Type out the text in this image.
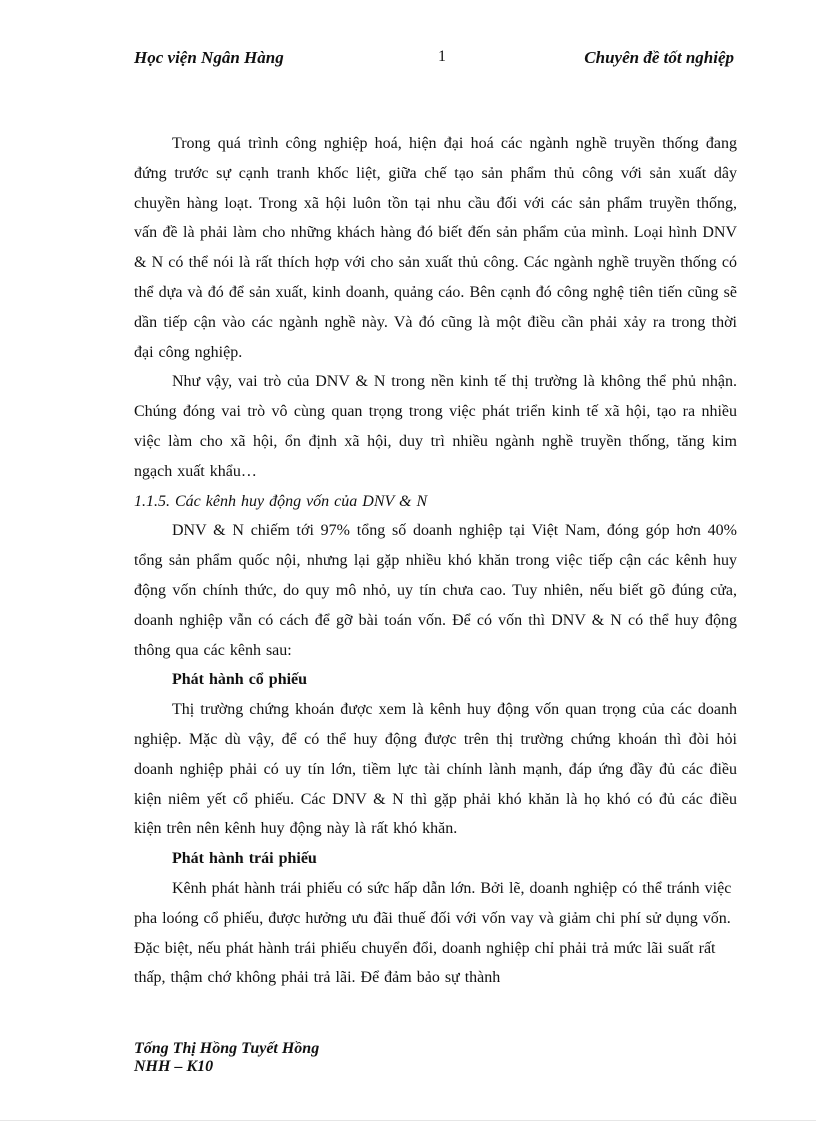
Học viện Ngân Hàng	1	Chuyên đề tốt nghiệp

Trong quá trình công nghiệp hoá, hiện đại hoá các ngành nghề truyền thống đang đứng trước sự cạnh tranh khốc liệt, giữa chế tạo sản phẩm thủ công với sản xuất dây chuyền hàng loạt. Trong xã hội luôn tồn tại nhu cầu đối với các sản phẩm truyền thống, vấn đề là phải làm cho những khách hàng đó biết đến sản phẩm của mình. Loại hình DNV & N có thể nói là rất thích hợp với cho sản xuất thủ công. Các ngành nghề truyền thống có thể dựa và đó để sản xuất, kinh doanh, quảng cáo. Bên cạnh đó công nghệ tiên tiến cũng sẽ dần tiếp cận vào các ngành nghề này. Và đó cũng là một điều cần phải xảy ra trong thời đại công nghiệp.

Như vậy, vai trò của DNV & N trong nền kinh tế thị trường là không thể phủ nhận. Chúng đóng vai trò vô cùng quan trọng trong việc phát triển kinh tế xã hội, tạo ra nhiều việc làm cho xã hội, ổn định xã hội, duy trì nhiều ngành nghề truyền thống, tăng kim ngạch xuất khẩu…

1.1.5. Các kênh huy động vốn của DNV & N

DNV & N chiếm tới 97% tổng số doanh nghiệp tại Việt Nam, đóng góp hơn 40% tổng sản phẩm quốc nội, nhưng lại gặp nhiều khó khăn trong việc tiếp cận các kênh huy động vốn chính thức, do quy mô nhỏ, uy tín chưa cao. Tuy nhiên, nếu biết gõ đúng cửa, doanh nghiệp vẫn có cách để gỡ bài toán vốn. Để có vốn thì DNV & N có thể huy động thông qua các kênh sau:

Phát hành cổ phiếu

Thị trường chứng khoán được xem là kênh huy động vốn quan trọng của các doanh nghiệp. Mặc dù vậy, để có thể huy động được trên thị trường chứng khoán thì đòi hỏi doanh nghiệp phải có uy tín lớn, tiềm lực tài chính lành mạnh, đáp ứng đầy đủ các điều kiện niêm yết cổ phiếu. Các DNV & N thì gặp phải khó khăn là họ khó có đủ các điều kiện trên nên kênh huy động này là rất khó khăn.

Phát hành trái phiếu

Kênh phát hành trái phiếu có sức hấp dẫn lớn. Bởi lẽ, doanh nghiệp có thể tránh việc pha loóng cổ phiếu, được hưởng ưu đãi thuế đối với vốn vay và giảm chi phí sử dụng vốn. Đặc biệt, nếu phát hành trái phiếu chuyển đổi, doanh nghiệp chỉ phải trả mức lãi suất rất thấp, thậm chớ không phải trả lãi. Để đảm bảo sự thành

Tống Thị Hồng Tuyết Hồng
NHH – K10
